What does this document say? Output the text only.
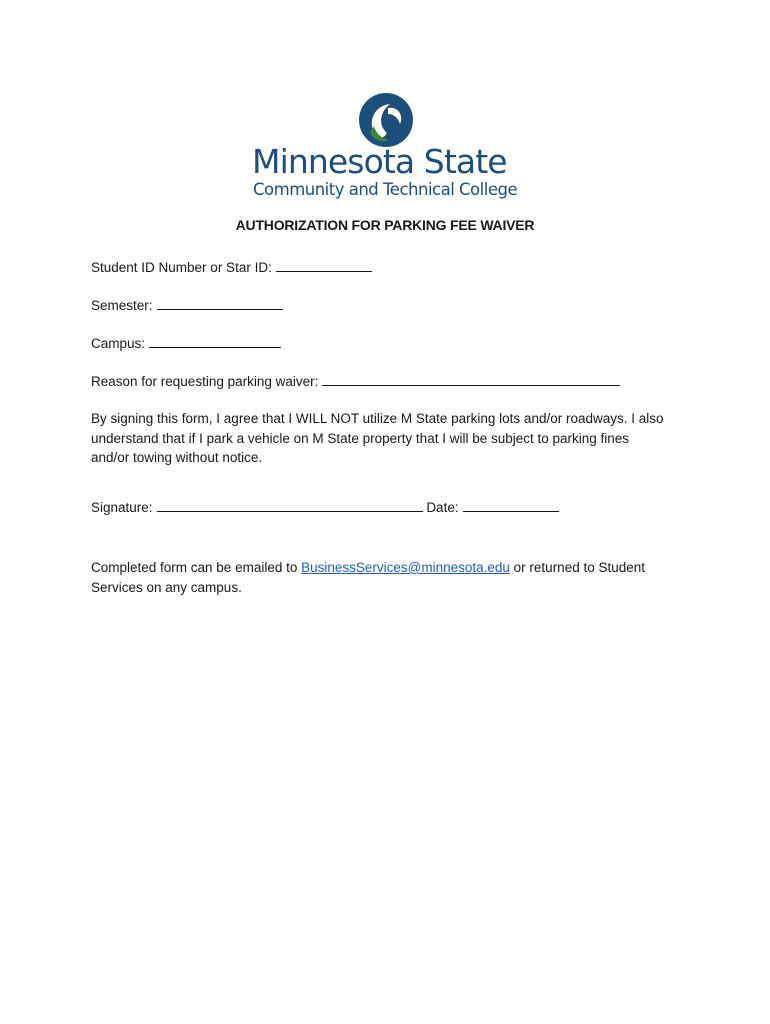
Minnesota State
Community and Technical College
AUTHORIZATION FOR PARKING FEE WAIVER
Student ID Number or Star ID:
Semester:
Campus:
Reason for requesting parking waiver:
By signing this form, I agree that I WILL NOT utilize M State parking lots and/or roadways. I also understand that if I park a vehicle on M State property that I will be subject to parking fines and/or towing without notice.
Signature:	Date:
Completed form can be emailed to BusinessServices@minnesota.edu or returned to Student Services on any campus.
